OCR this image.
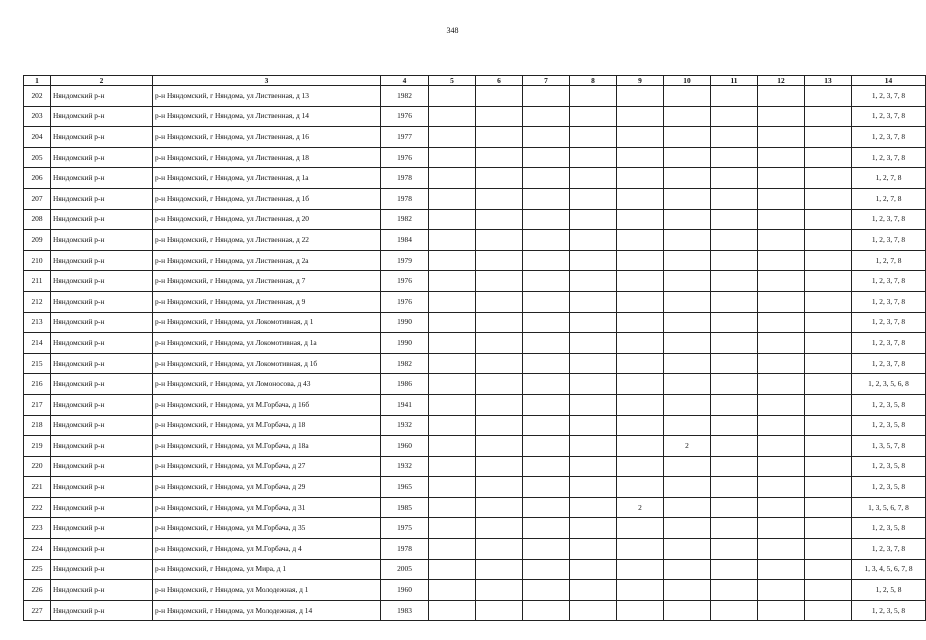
348
1	2	3	4	5	6	7	8	9	10	11	12	13	14
202	Няндомский р-н	р-н Няндомский, г Няндома, ул Лиственная, д 13	1982										1, 2, 3, 7, 8
203	Няндомский р-н	р-н Няндомский, г Няндома, ул Лиственная, д 14	1976										1, 2, 3, 7, 8
204	Няндомский р-н	р-н Няндомский, г Няндома, ул Лиственная, д 16	1977										1, 2, 3, 7, 8
205	Няндомский р-н	р-н Няндомский, г Няндома, ул Лиственная, д 18	1976										1, 2, 3, 7, 8
206	Няндомский р-н	р-н Няндомский, г Няндома, ул Лиственная, д 1а	1978										1, 2, 7, 8
207	Няндомский р-н	р-н Няндомский, г Няндома, ул Лиственная, д 1б	1978										1, 2, 7, 8
208	Няндомский р-н	р-н Няндомский, г Няндома, ул Лиственная, д 20	1982										1, 2, 3, 7, 8
209	Няндомский р-н	р-н Няндомский, г Няндома, ул Лиственная, д 22	1984										1, 2, 3, 7, 8
210	Няндомский р-н	р-н Няндомский, г Няндома, ул Лиственная, д 2а	1979										1, 2, 7, 8
211	Няндомский р-н	р-н Няндомский, г Няндома, ул Лиственная, д 7	1976										1, 2, 3, 7, 8
212	Няндомский р-н	р-н Няндомский, г Няндома, ул Лиственная, д 9	1976										1, 2, 3, 7, 8
213	Няндомский р-н	р-н Няндомский, г Няндома, ул Локомотивная, д 1	1990										1, 2, 3, 7, 8
214	Няндомский р-н	р-н Няндомский, г Няндома, ул Локомотивная, д 1а	1990										1, 2, 3, 7, 8
215	Няндомский р-н	р-н Няндомский, г Няндома, ул Локомотивная, д 1б	1982										1, 2, 3, 7, 8
216	Няндомский р-н	р-н Няндомский, г Няндома, ул Ломоносова, д 43	1986										1, 2, 3, 5, 6, 8
217	Няндомский р-н	р-н Няндомский, г Няндома, ул М.Горбача, д 16б	1941										1, 2, 3, 5, 8
218	Няндомский р-н	р-н Няндомский, г Няндома, ул М.Горбача, д 18	1932										1, 2, 3, 5, 8
219	Няндомский р-н	р-н Няндомский, г Няндома, ул М.Горбача, д 18а	1960						2				1, 3, 5, 7, 8
220	Няндомский р-н	р-н Няндомский, г Няндома, ул М.Горбача, д 27	1932										1, 2, 3, 5, 8
221	Няндомский р-н	р-н Няндомский, г Няндома, ул М.Горбача, д 29	1965										1, 2, 3, 5, 8
222	Няндомский р-н	р-н Няндомский, г Няндома, ул М.Горбача, д 31	1985					2					1, 3, 5, 6, 7, 8
223	Няндомский р-н	р-н Няндомский, г Няндома, ул М.Горбача, д 35	1975										1, 2, 3, 5, 8
224	Няндомский р-н	р-н Няндомский, г Няндома, ул М.Горбача, д 4	1978										1, 2, 3, 7, 8
225	Няндомский р-н	р-н Няндомский, г Няндома, ул Мира, д 1	2005										1, 3, 4, 5, 6, 7, 8
226	Няндомский р-н	р-н Няндомский, г Няндома, ул Молодежная, д 1	1960										1, 2, 5, 8
227	Няндомский р-н	р-н Няндомский, г Няндома, ул Молодежная, д 14	1983										1, 2, 3, 5, 8
